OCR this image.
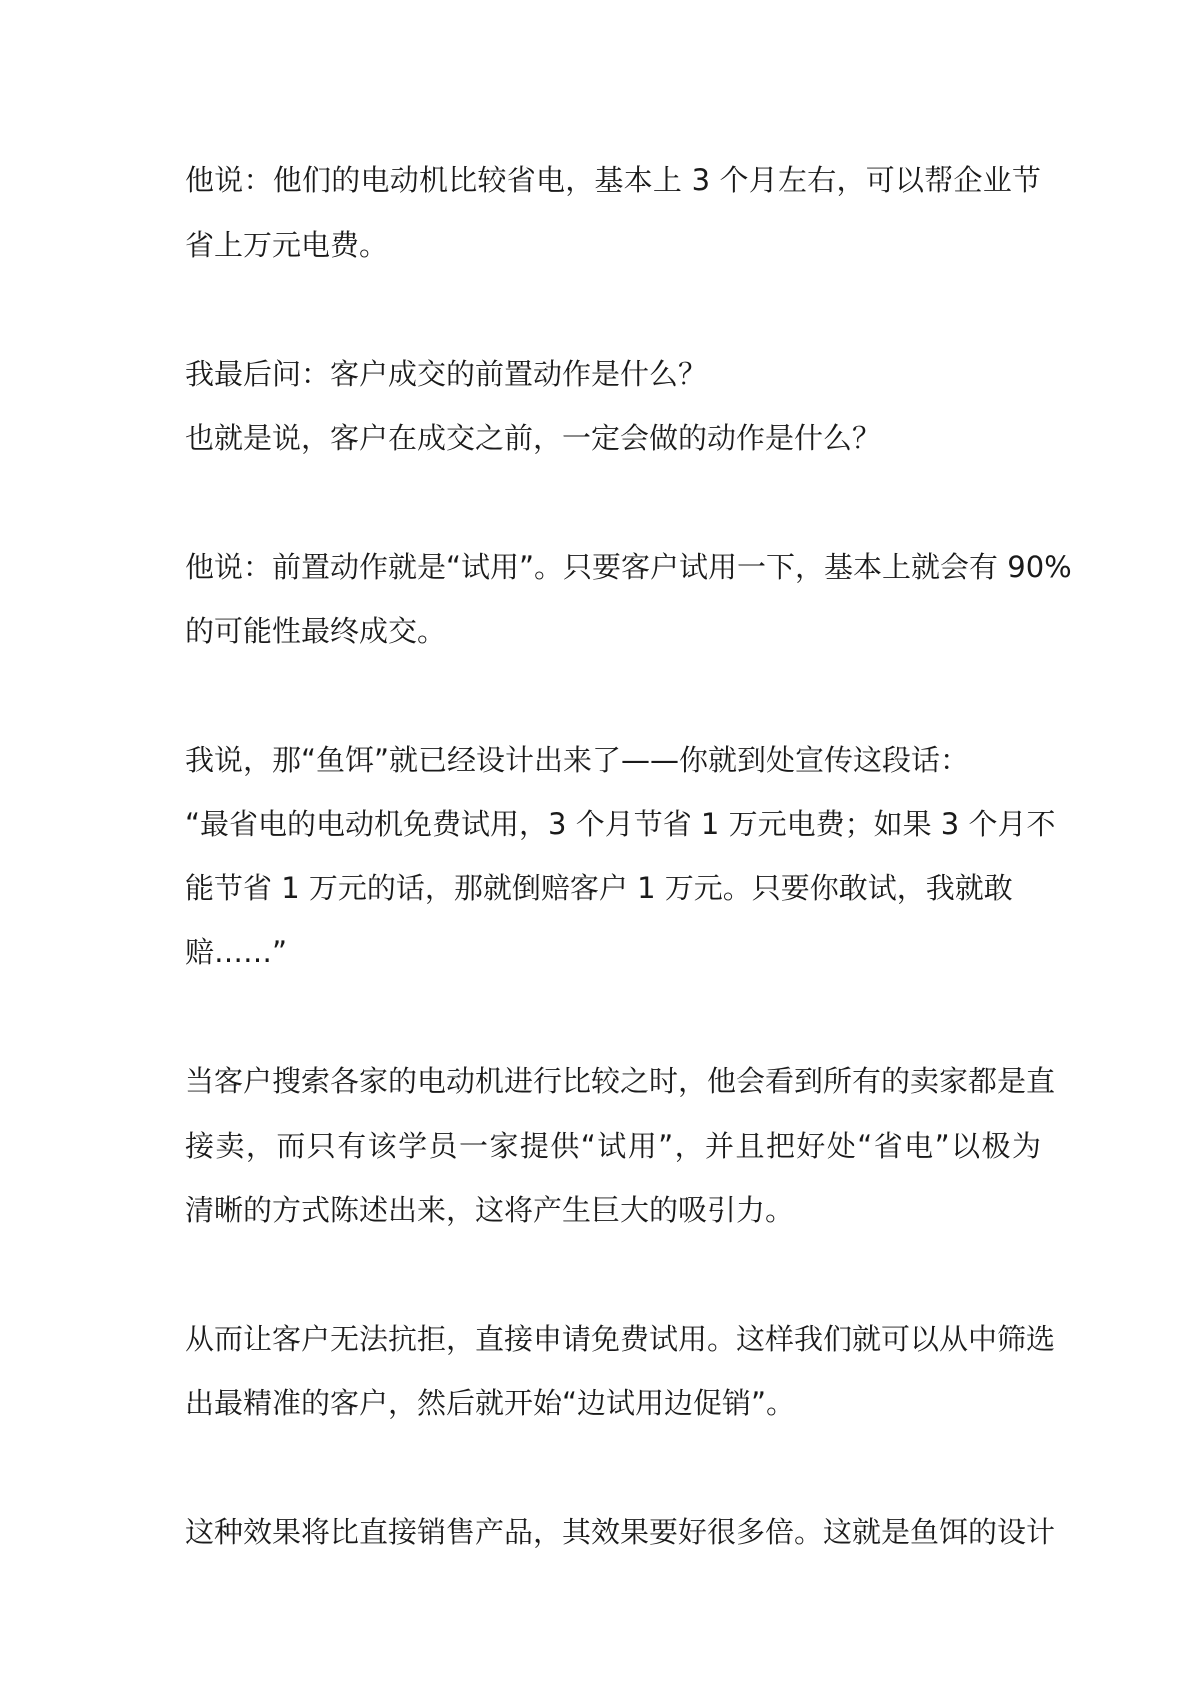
他说：他们的电动机比较省电，基本上 3 个月左右，可以帮企业节
省上万元电费。
我最后问：客户成交的前置动作是什么？
也就是说，客户在成交之前，一定会做的动作是什么？
他说：前置动作就是“试用”。只要客户试用一下，基本上就会有 90%
的可能性最终成交。
我说，那“鱼饵”就已经设计出来了——你就到处宣传这段话：
“最省电的电动机免费试用，3 个月节省 1 万元电费；如果 3 个月不
能节省 1 万元的话，那就倒赔客户 1 万元。只要你敢试，我就敢
赔……”
当客户搜索各家的电动机进行比较之时，他会看到所有的卖家都是直
接卖，而只有该学员一家提供“试用”，并且把好处“省电”以极为
清晰的方式陈述出来，这将产生巨大的吸引力。
从而让客户无法抗拒，直接申请免费试用。这样我们就可以从中筛选
出最精准的客户，然后就开始“边试用边促销”。
这种效果将比直接销售产品，其效果要好很多倍。这就是鱼饵的设计
